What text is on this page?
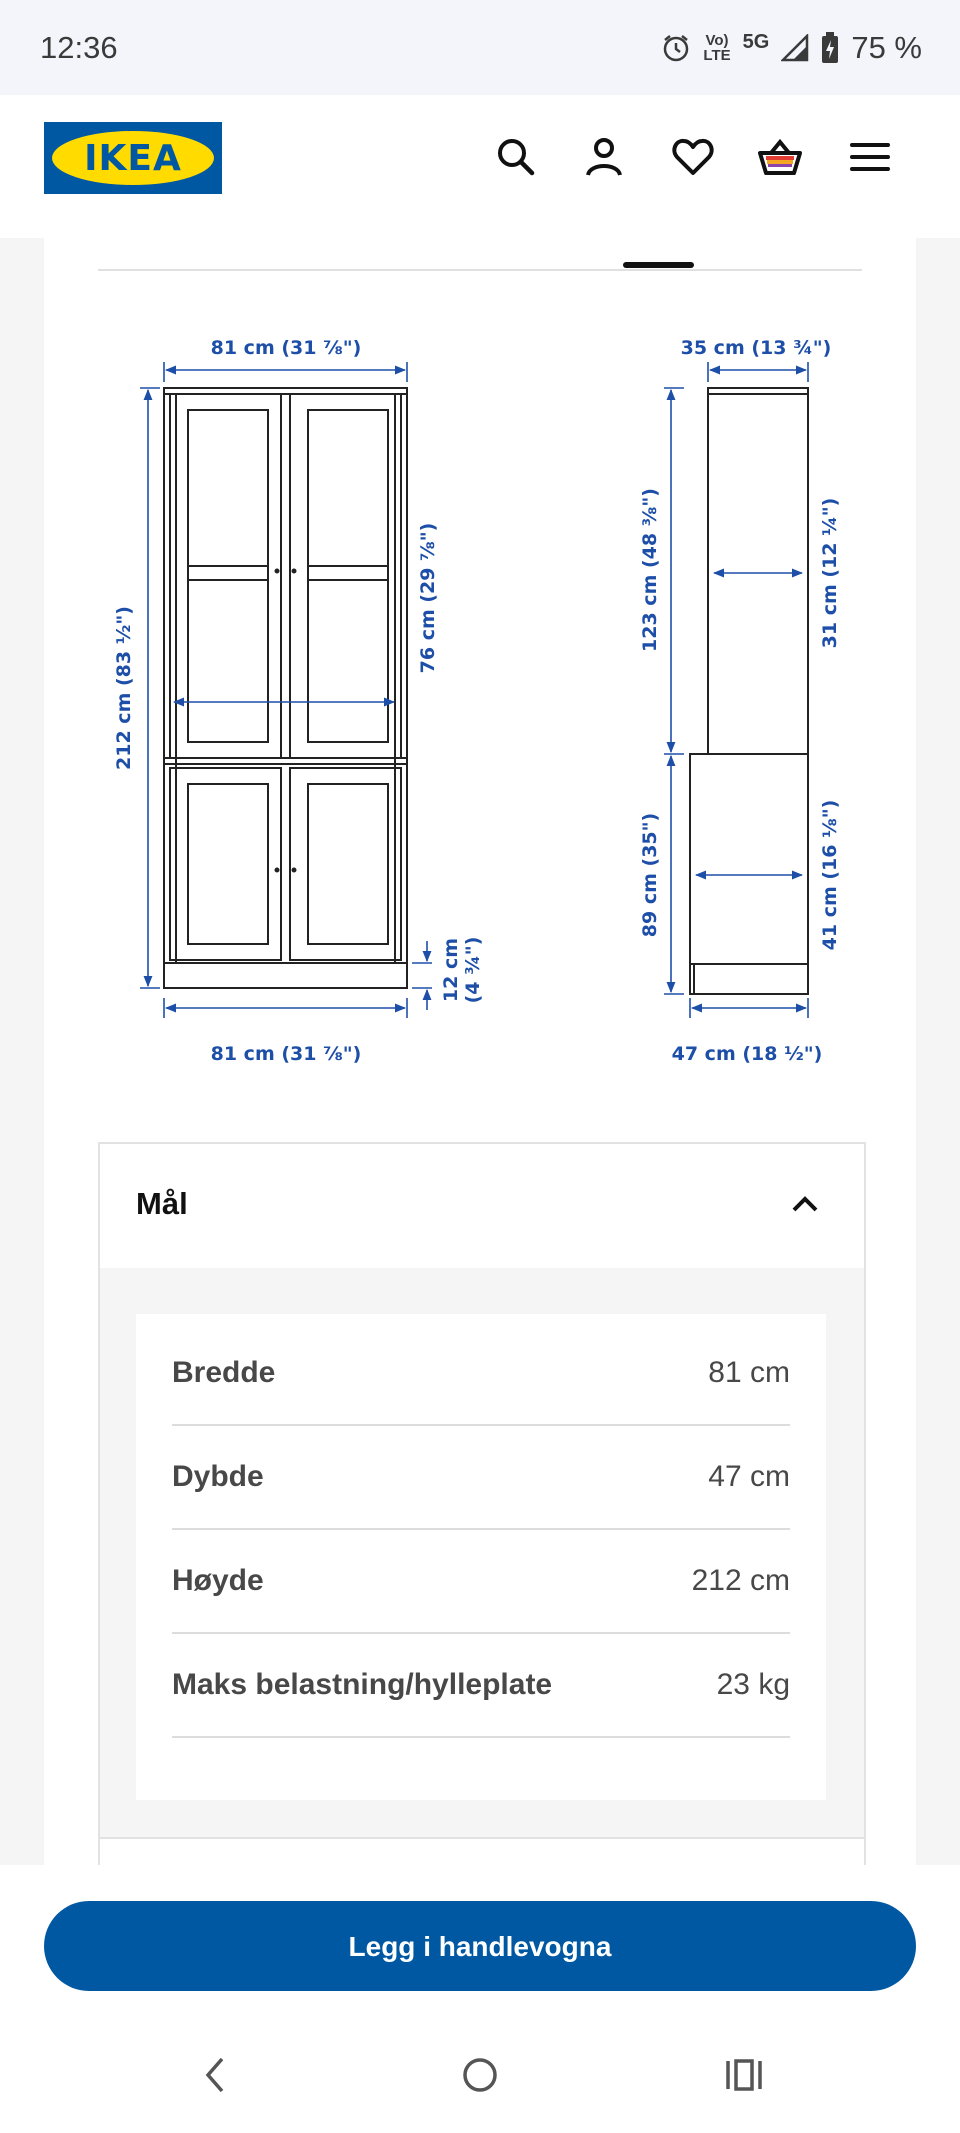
12:36	Vo)
LTE
5G	75 %
IKEA
81 cm (31 ⅞")
81 cm (31 ⅞")
212 cm (83 ½")
76 cm (29 ⅞")
12 cm (4 ¾")
35 cm (13 ¾")
47 cm (18 ½")
123 cm (48 ⅜")
89 cm (35")
31 cm (12 ¼")
41 cm (16 ⅛")
Mål
Bredde	81 cm
Dybde	47 cm
Høyde	212 cm
Maks belastning/hylleplate	23 kg
Legg i handlevogna
